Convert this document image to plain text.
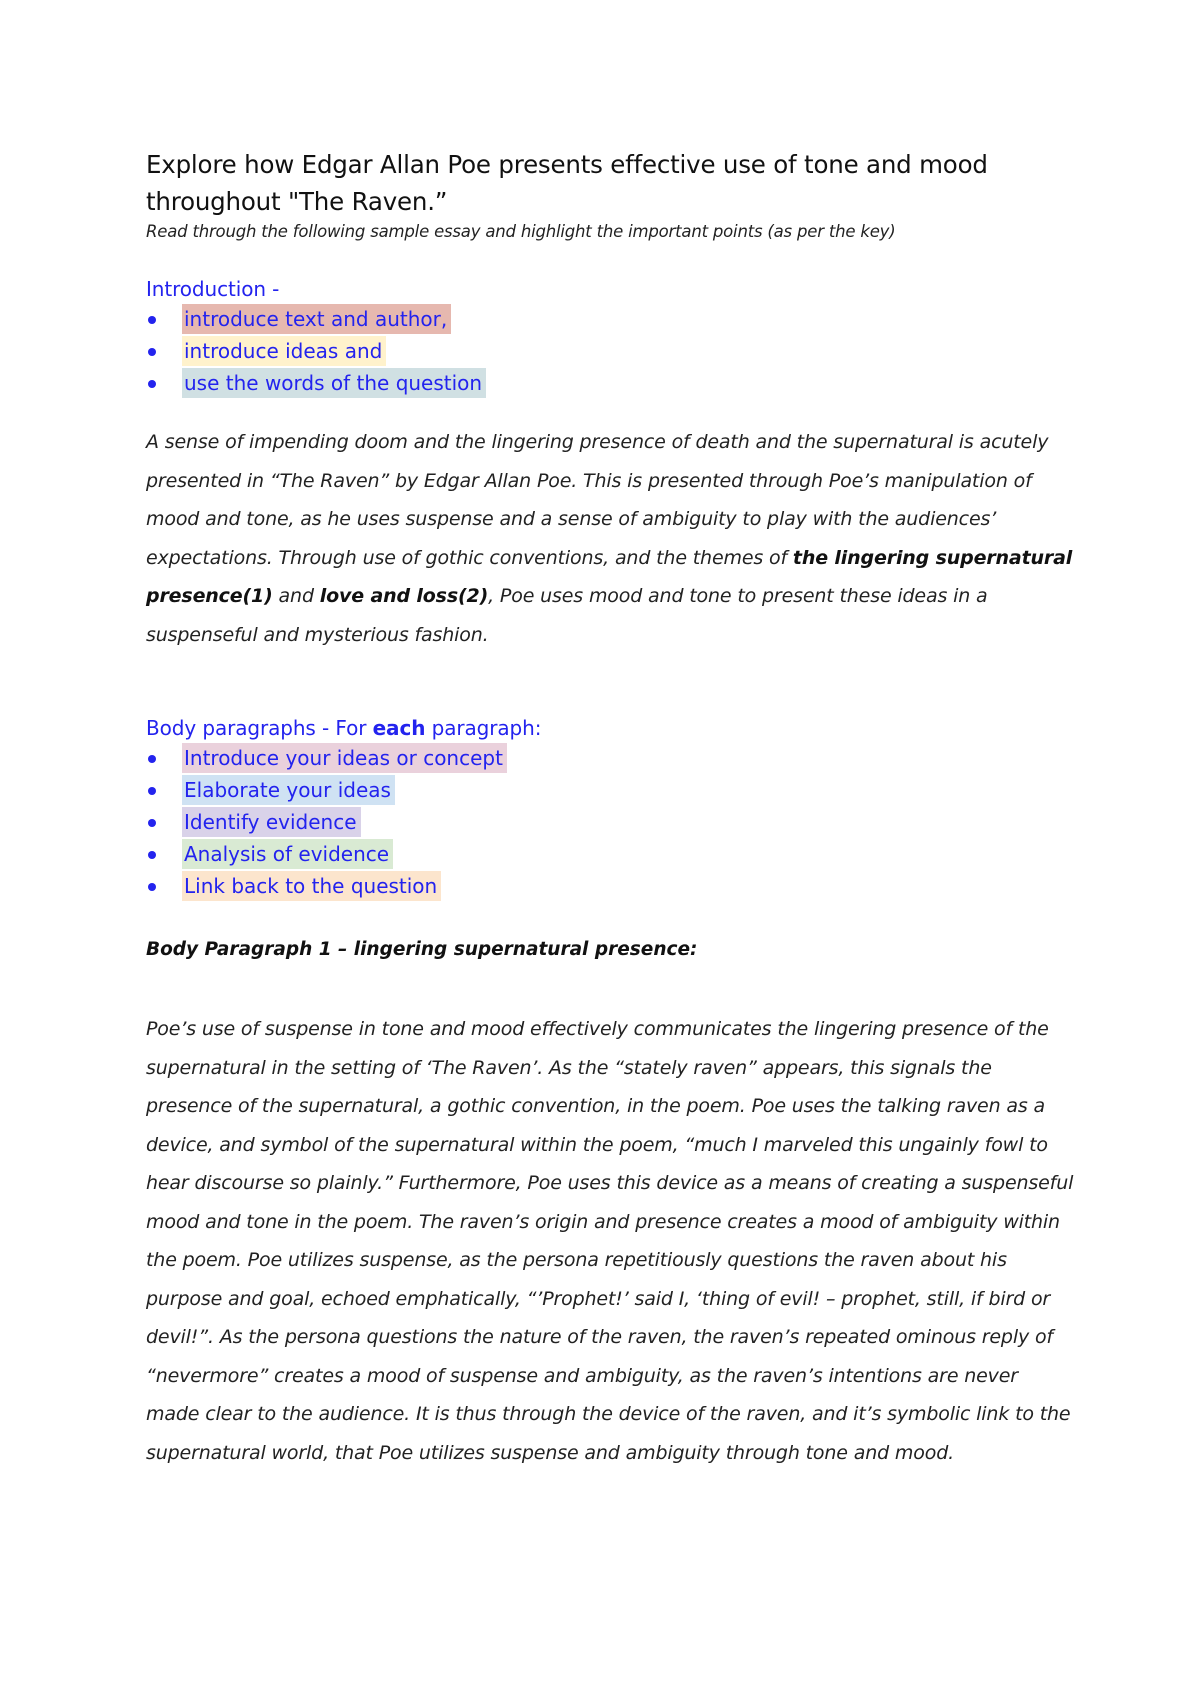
Explore how Edgar Allan Poe presents effective use of tone and mood
throughout "The Raven.”
Read through the following sample essay and highlight the important points (as per the key)
Introduction -
introduce text and author,
introduce ideas and
use the words of the question

A sense of impending doom and the lingering presence of death and the supernatural is acutely presented in “The Raven” by Edgar Allan Poe. This is presented through Poe’s manipulation of mood and tone, as he uses suspense and a sense of ambiguity to play with the audiences’ expectations. Through use of gothic conventions, and the themes of the lingering supernatural presence(1) and love and loss(2), Poe uses mood and tone to present these ideas in a suspenseful and mysterious fashion.

Body paragraphs - For each paragraph:
Introduce your ideas or concept
Elaborate your ideas
Identify evidence
Analysis of evidence
Link back to the question
Body Paragraph 1 – lingering supernatural presence:

Poe’s use of suspense in tone and mood effectively communicates the lingering presence of the supernatural in the setting of ‘The Raven’. As the “stately raven” appears, this signals the presence of the supernatural, a gothic convention, in the poem. Poe uses the talking raven as a device, and symbol of the supernatural within the poem, “much I marveled this ungainly fowl to hear discourse so plainly.” Furthermore, Poe uses this device as a means of creating a suspenseful mood and tone in the poem. The raven’s origin and presence creates a mood of ambiguity within the poem. Poe utilizes suspense, as the persona repetitiously questions the raven about his purpose and goal, echoed emphatically, “’Prophet!’ said I, ‘thing of evil! – prophet, still, if bird or devil!”. As the persona questions the nature of the raven, the raven’s repeated ominous reply of “nevermore” creates a mood of suspense and ambiguity, as the raven’s intentions are never made clear to the audience. It is thus through the device of the raven, and it’s symbolic link to the supernatural world, that Poe utilizes suspense and ambiguity through tone and mood.
